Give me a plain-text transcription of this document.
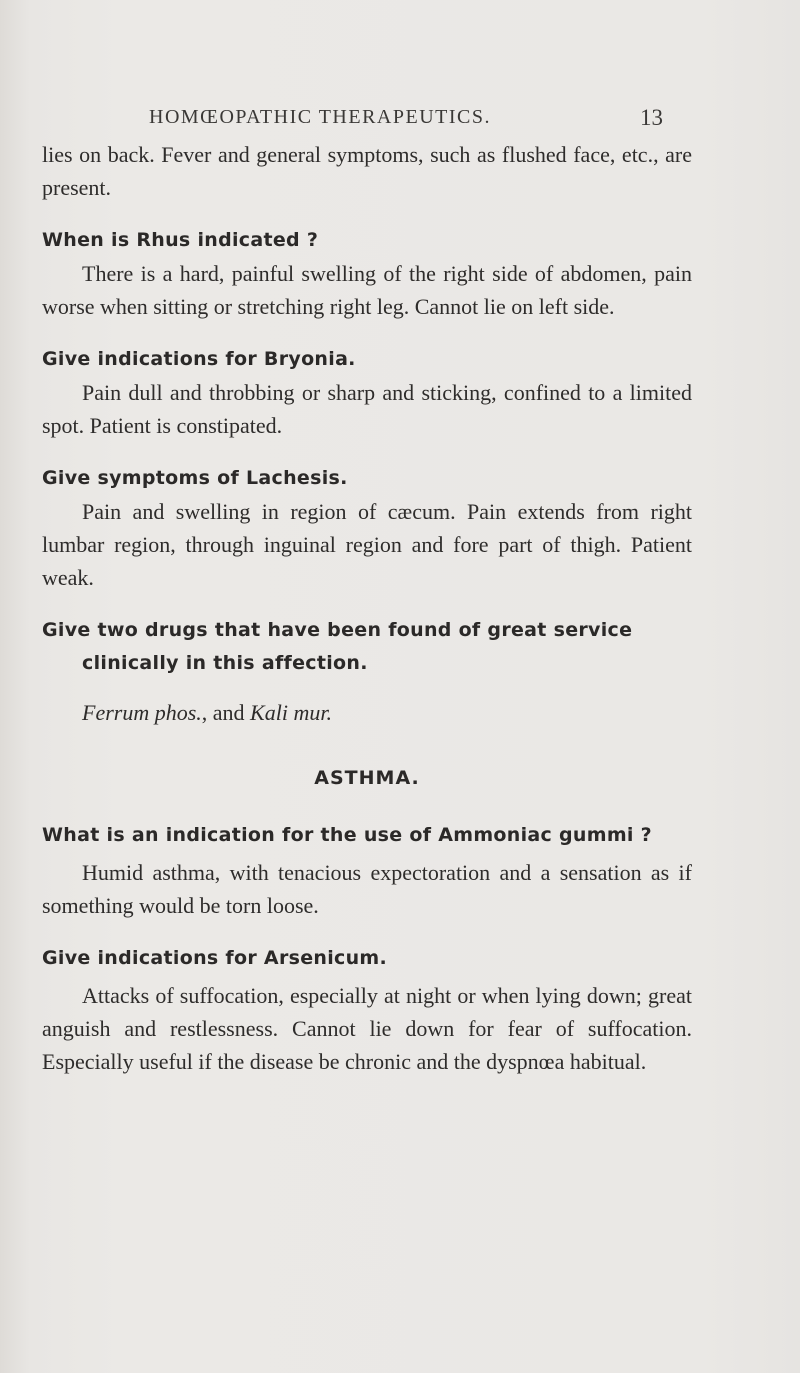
HOMŒOPATHIC THERAPEUTICS.	13

lies on back. Fever and general symptoms, such as flushed face, etc., are present.

When is Rhus indicated ?

There is a hard, painful swelling of the right side of abdomen, pain worse when sitting or stretching right leg. Cannot lie on left side.

Give indications for Bryonia.

Pain dull and throbbing or sharp and sticking, confined to a limited spot. Patient is constipated.

Give symptoms of Lachesis.

Pain and swelling in region of cæcum. Pain extends from right lumbar region, through inguinal region and fore part of thigh. Patient weak.

Give two drugs that have been found of great service clinically in this affection.

Ferrum phos., and Kali mur.

ASTHMA.

What is an indication for the use of Ammoniac gummi ?

Humid asthma, with tenacious expectoration and a sensation as if something would be torn loose.

Give indications for Arsenicum.

Attacks of suffocation, especially at night or when lying down; great anguish and restlessness. Cannot lie down for fear of suffocation. Especially useful if the disease be chronic and the dyspnœa habitual.
